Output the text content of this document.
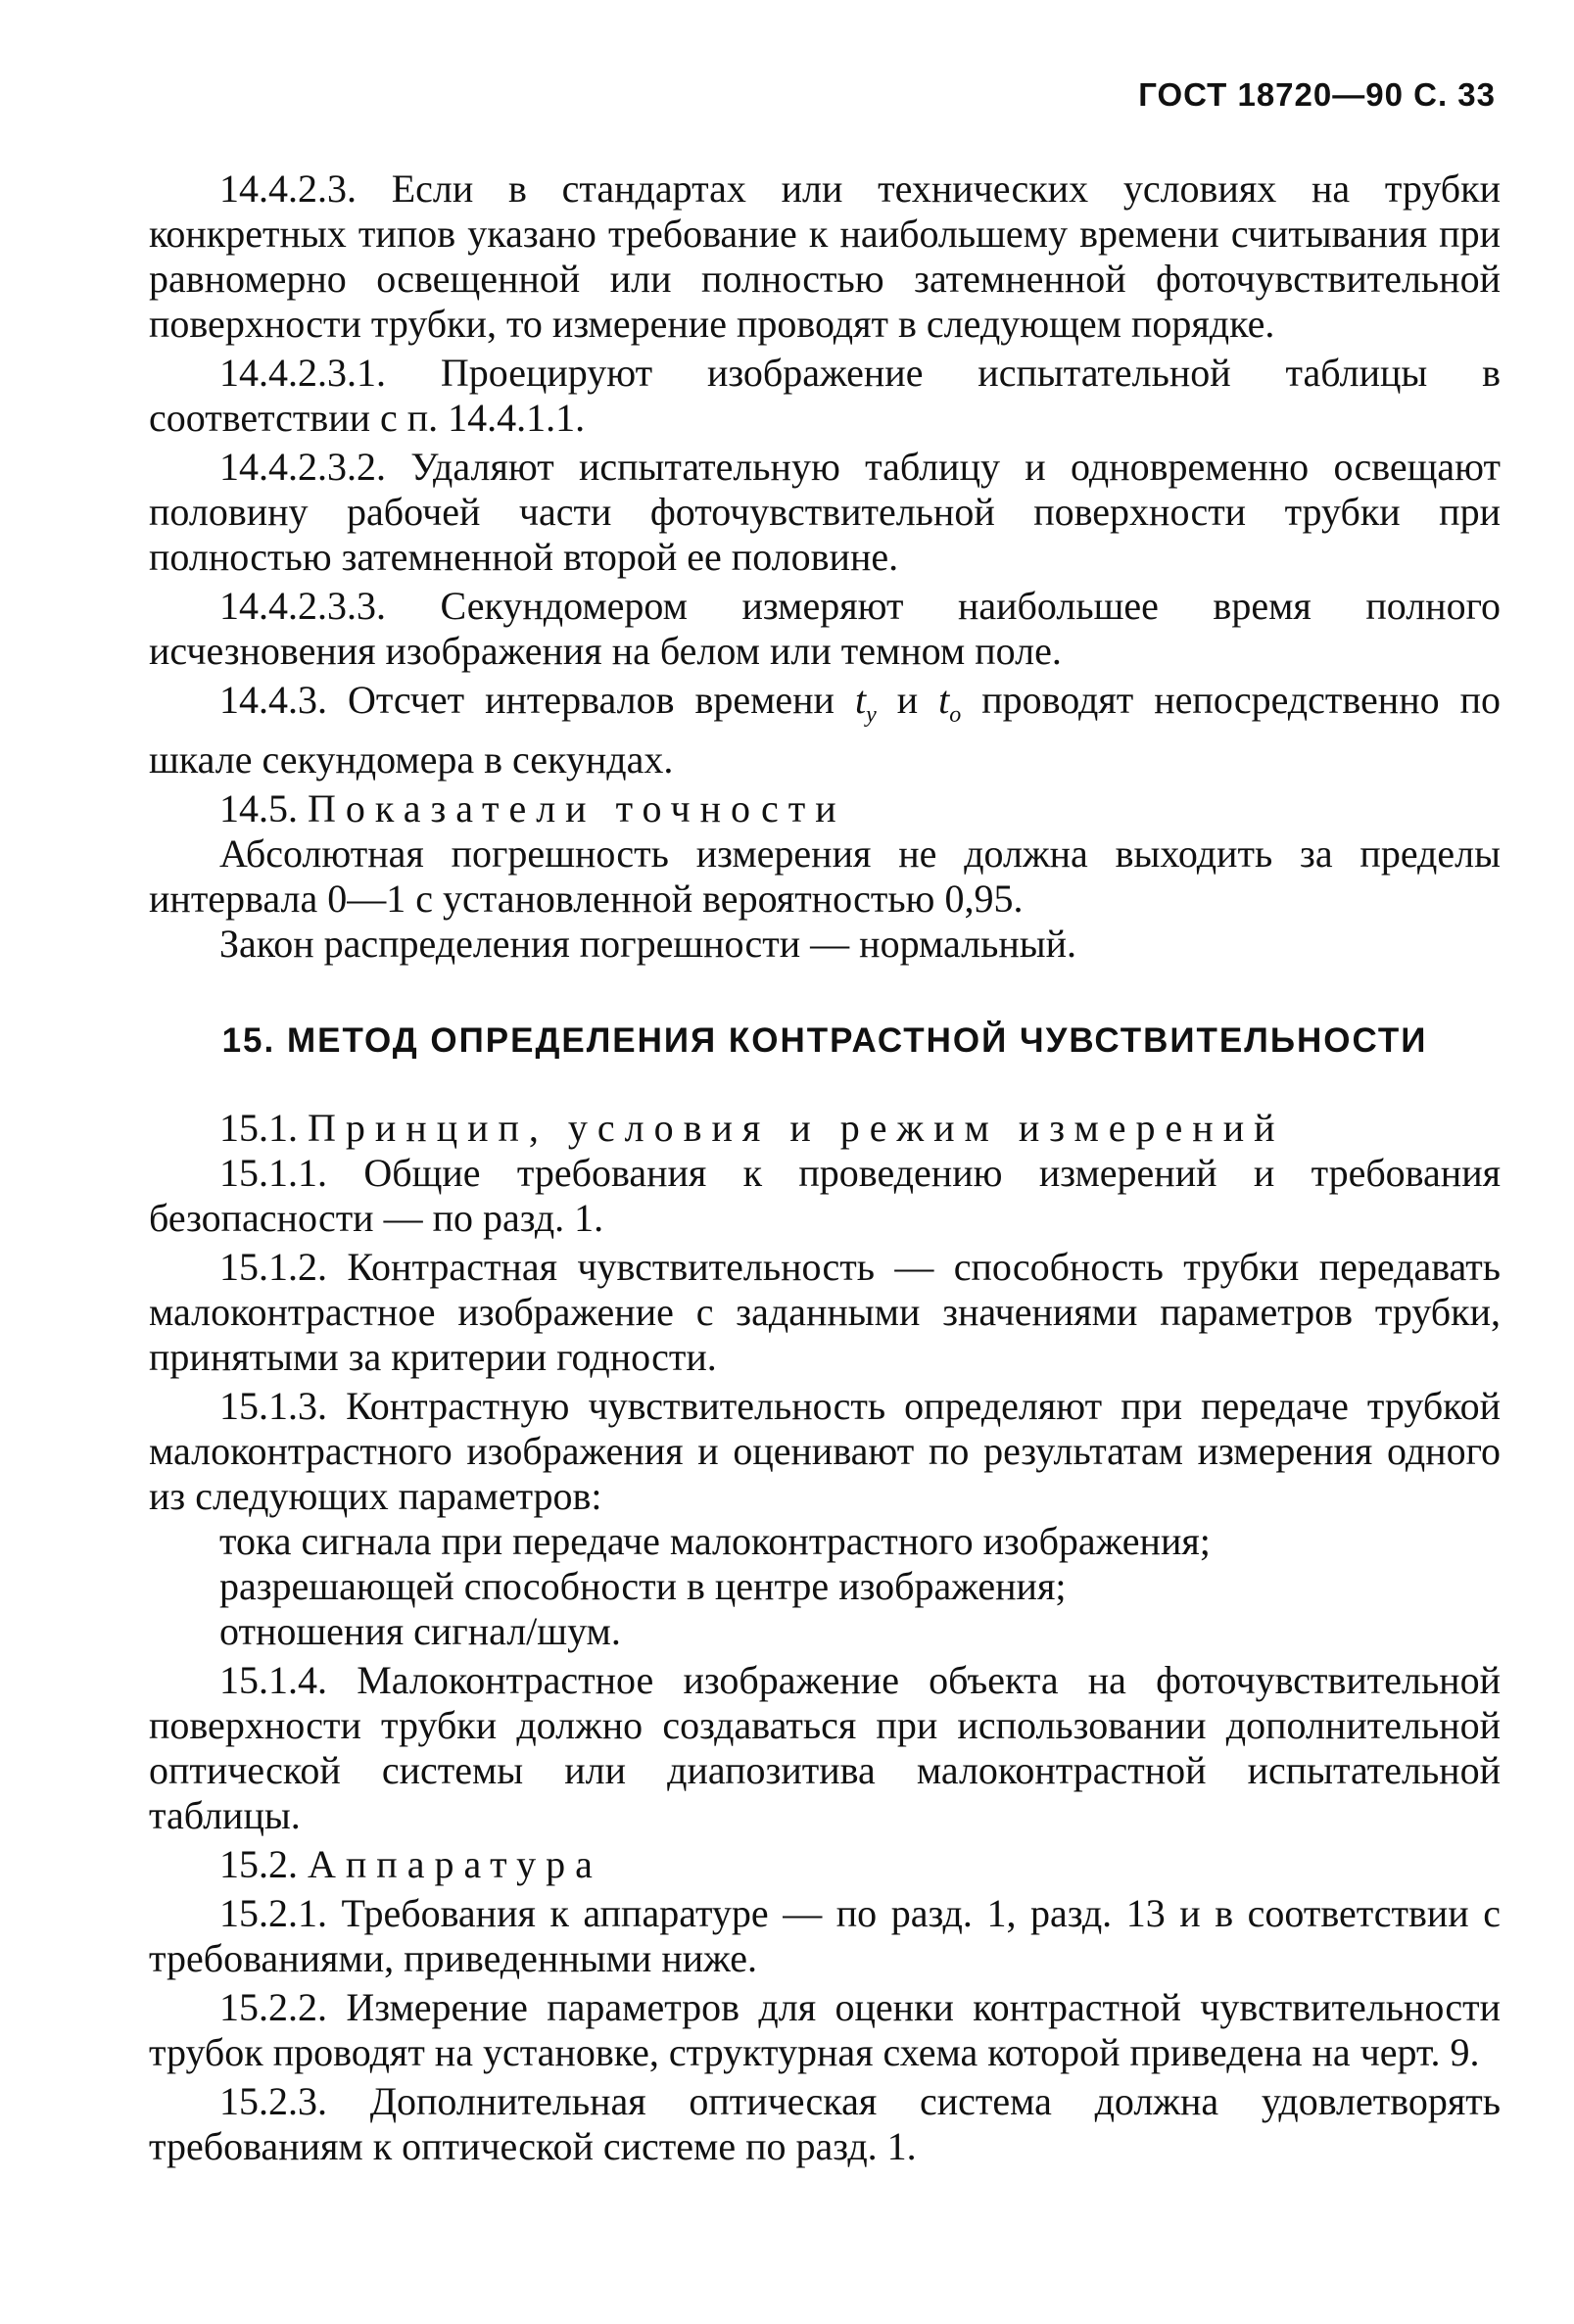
ГОСТ 18720—90 С. 33

14.4.2.3. Если в стандартах или технических условиях на трубки конкретных типов указано требование к наибольшему времени считывания при равномерно освещенной или полностью затемненной фоточувствительной поверхности трубки, то измерение проводят в следующем порядке.

14.4.2.3.1. Проецируют изображение испытательной таблицы в соответствии с п. 14.4.1.1.

14.4.2.3.2. Удаляют испытательную таблицу и одновременно освещают половину рабочей части фоточувствительной поверхности трубки при полностью затемненной второй ее половине.

14.4.2.3.3. Секундомером измеряют наибольшее время полного исчезновения изображения на белом или темном поле.

14.4.3. Отсчет интервалов времени $t_у$ и $t_о$ проводят непосредственно по шкале секундомера в секундах.

14.5. Показатели точности

Абсолютная погрешность измерения не должна выходить за пределы интервала 0—1 с установленной вероятностью 0,95.

Закон распределения погрешности — нормальный.

15. МЕТОД ОПРЕДЕЛЕНИЯ КОНТРАСТНОЙ ЧУВСТВИТЕЛЬНОСТИ

15.1. Принцип, условия и режим измерений

15.1.1. Общие требования к проведению измерений и требования безопасности — по разд. 1.

15.1.2. Контрастная чувствительность — способность трубки передавать малоконтрастное изображение с заданными значениями параметров трубки, принятыми за критерии годности.

15.1.3. Контрастную чувствительность определяют при передаче трубкой малоконтрастного изображения и оценивают по результатам измерения одного из следующих параметров:

тока сигнала при передаче малоконтрастного изображения;

разрешающей способности в центре изображения;

отношения сигнал/шум.

15.1.4. Малоконтрастное изображение объекта на фоточувствительной поверхности трубки должно создаваться при использовании дополнительной оптической системы или диапозитива малоконтрастной испытательной таблицы.

15.2. Аппаратура

15.2.1. Требования к аппаратуре — по разд. 1, разд. 13 и в соответствии с требованиями, приведенными ниже.

15.2.2. Измерение параметров для оценки контрастной чувствительности трубок проводят на установке, структурная схема которой приведена на черт. 9.

15.2.3. Дополнительная оптическая система должна удовлетворять требованиям к оптической системе по разд. 1.
